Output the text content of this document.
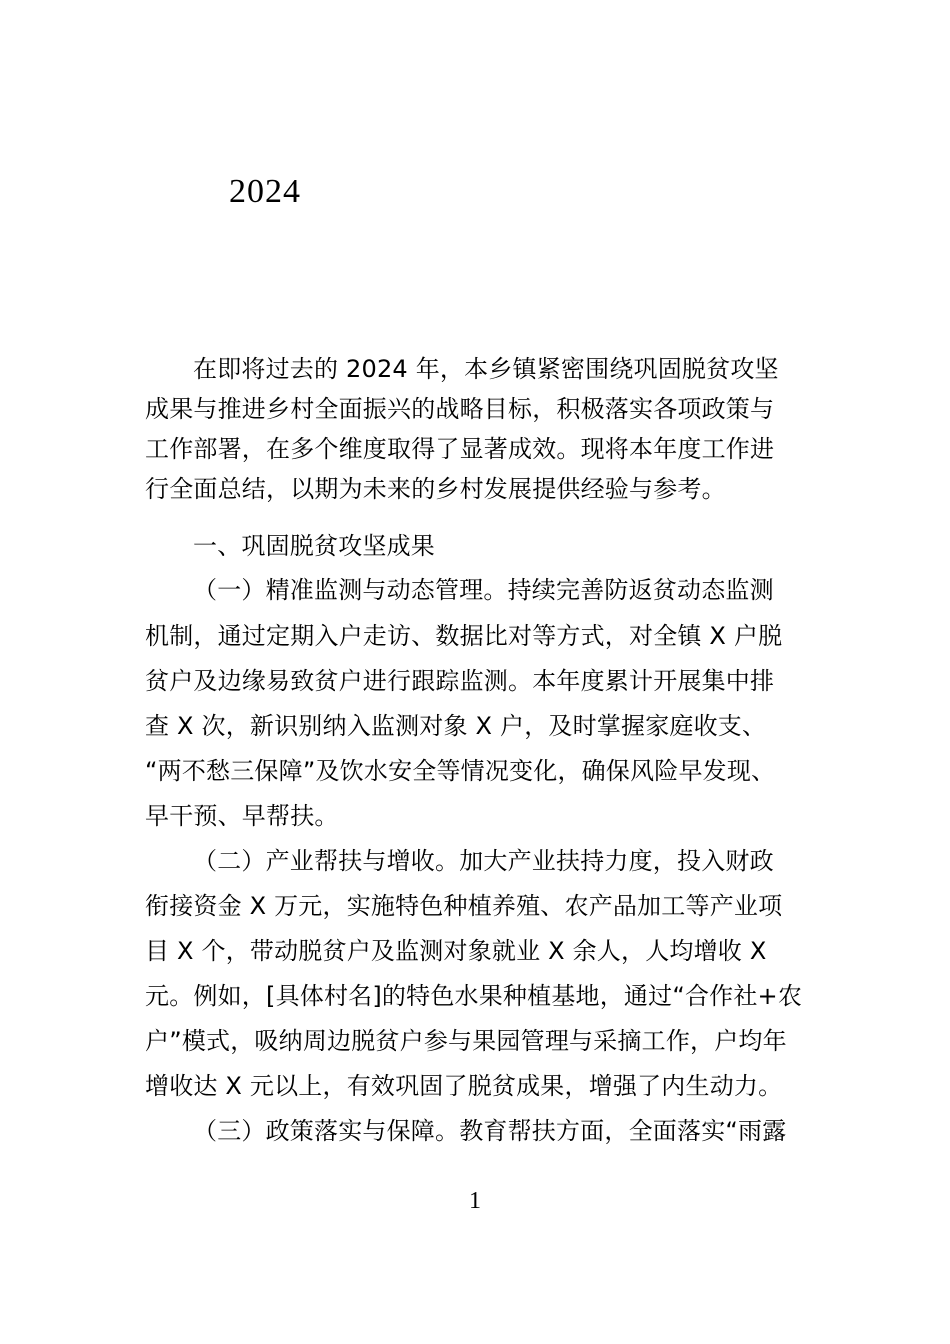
2024
在即将过去的 2024 年，本乡镇紧密围绕巩固脱贫攻坚
成果与推进乡村全面振兴的战略目标，积极落实各项政策与
工作部署，在多个维度取得了显著成效。现将本年度工作进
行全面总结，以期为未来的乡村发展提供经验与参考。
一、巩固脱贫攻坚成果
（一）精准监测与动态管理。持续完善防返贫动态监测
机制，通过定期入户走访、数据比对等方式，对全镇 X 户脱
贫户及边缘易致贫户进行跟踪监测。本年度累计开展集中排
查 X 次，新识别纳入监测对象 X 户，及时掌握家庭收支、
“两不愁三保障”及饮水安全等情况变化，确保风险早发现、
早干预、早帮扶。
（二）产业帮扶与增收。加大产业扶持力度，投入财政
衔接资金 X 万元，实施特色种植养殖、农产品加工等产业项
目 X 个，带动脱贫户及监测对象就业 X 余人，人均增收 X
元。例如，[具体村名]的特色水果种植基地，通过“合作社+农
户”模式，吸纳周边脱贫户参与果园管理与采摘工作，户均年
增收达 X 元以上，有效巩固了脱贫成果，增强了内生动力。
（三）政策落实与保障。教育帮扶方面，全面落实“雨露
1
